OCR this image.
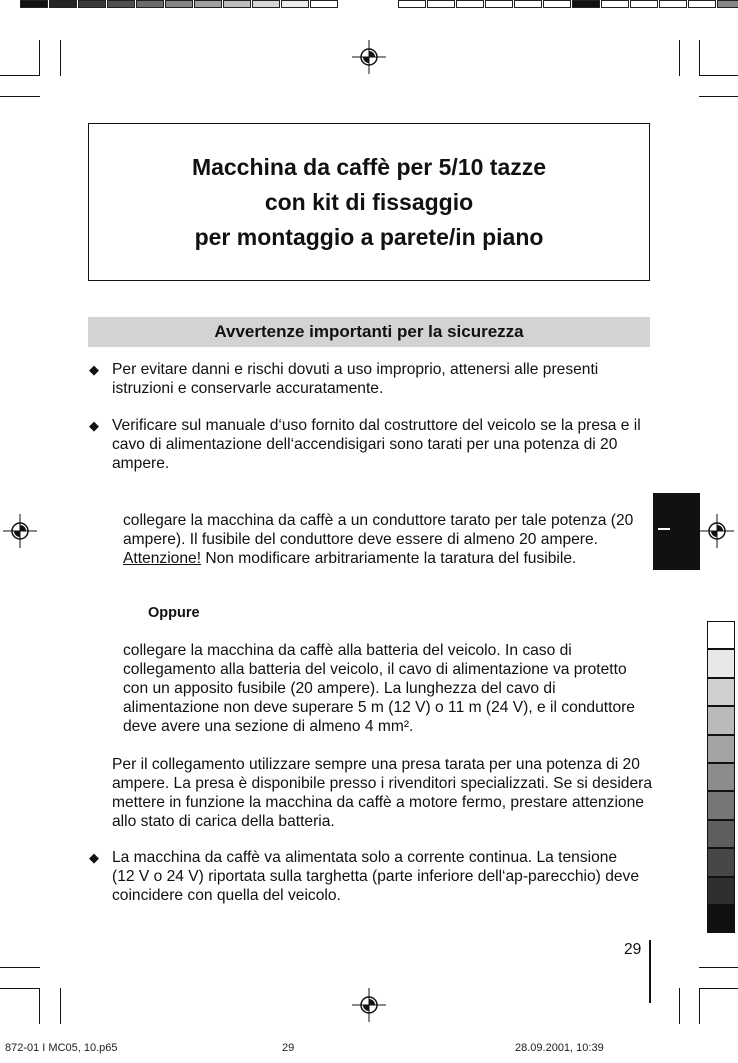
Macchina da caffè per 5/10 tazze
con kit di fissaggio
per montaggio a parete/in piano
Avvertenze importanti per la sicurezza
◆ Per evitare danni e rischi dovuti a uso improprio, attenersi alle presenti istruzioni e conservarle accuratamente.
◆ Verificare sul manuale d‘uso fornito dal costruttore del veicolo se la presa e il cavo di alimentazione dell‘accendisigari sono tarati per una potenza di 20 ampere.
collegare la macchina da caffè a un conduttore tarato per tale potenza (20 ampere). Il fusibile del conduttore deve essere di almeno 20 ampere.
Attenzione! Non modificare arbitrariamente la taratura del fusibile.
Oppure
collegare la macchina da caffè alla batteria del veicolo. In caso di collegamento alla batteria del veicolo, il cavo di alimentazione va protetto con un apposito fusibile (20 ampere). La lunghezza del cavo di alimentazione non deve superare 5 m (12 V) o 11 m (24 V), e il conduttore deve avere una sezione di almeno 4 mm².
Per il collegamento utilizzare sempre una presa tarata per una potenza di 20 ampere. La presa è disponibile presso i rivenditori specializzati. Se si desidera mettere in funzione la macchina da caffè a motore fermo, prestare attenzione allo stato di carica della batteria.
◆ La macchina da caffè va alimentata solo a corrente continua. La tensione (12 V o 24 V) riportata sulla targhetta (parte inferiore dell‘ap-parecchio) deve coincidere con quella del veicolo.
29
872-01 I MC05, 10.p65	29	28.09.2001, 10:39
